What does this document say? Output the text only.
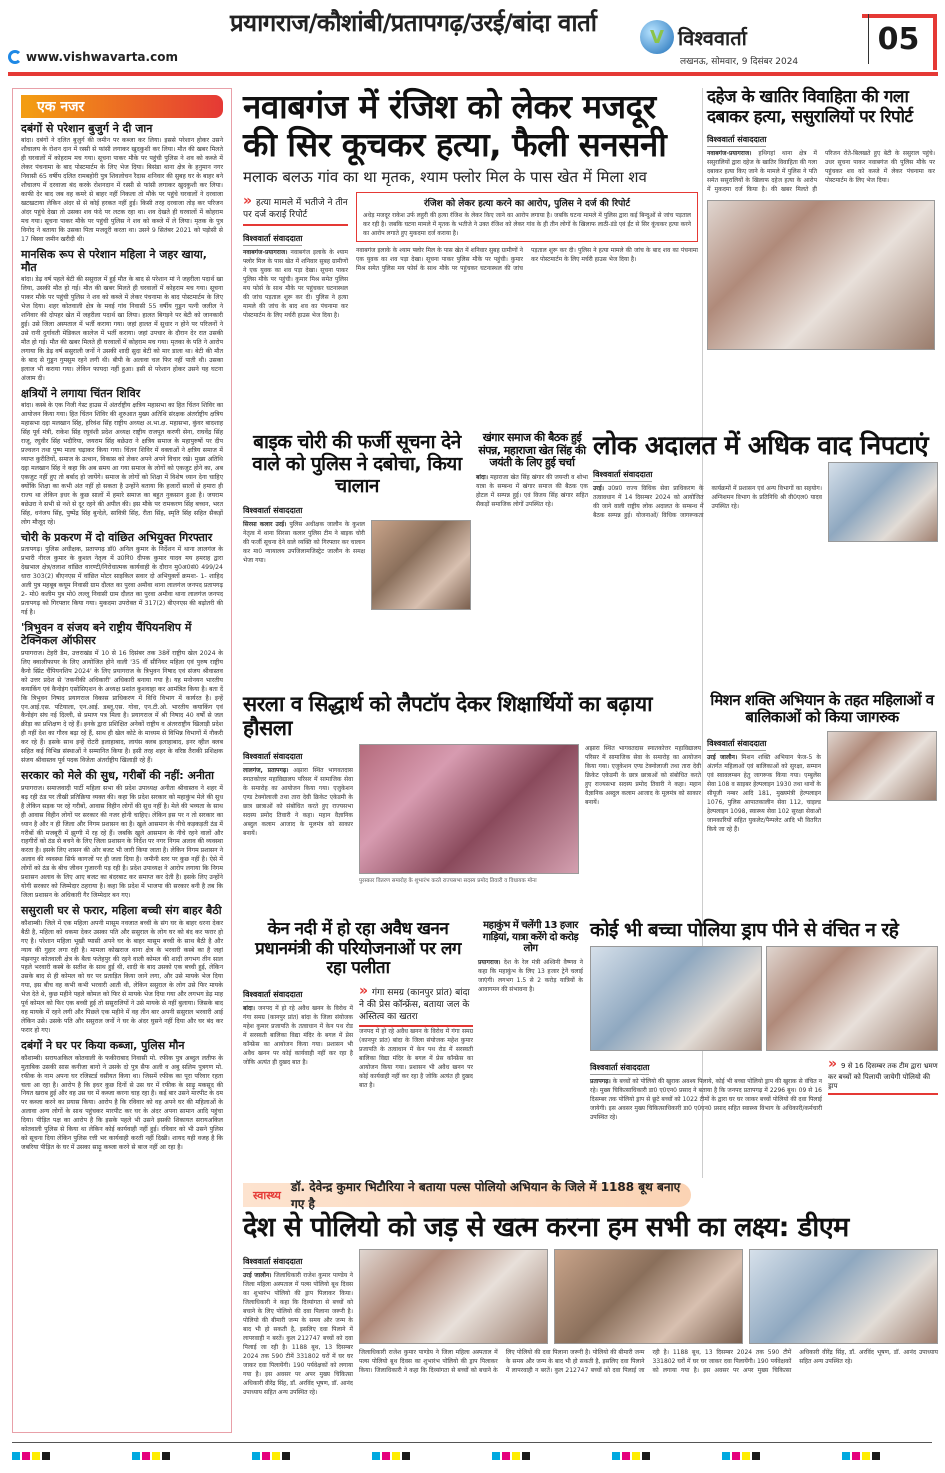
प्रयागराज/कौशांबी/प्रतापगढ़/उरई/बांदा वार्ता
www.vishwavarta.com
V विश्ववार्ता
लखनऊ, सोमवार, 9 दिसंबर 2024
05
एक नजर
दबंगों से परेशान बुजुर्ग ने दी जान

बांदा। दबंगों ने दलित बुजुर्ग की जमीन पर कब्जा कर लिया। इससे परेशान होकर उसने शौचालय के रोशन दान में रस्सी से फांसी लगाकर खुदकुशी कर लिया। मौत की खबर मिलते ही घरवालों में कोहराम मच गया। सूचना पाकर मौके पर पहुंची पुलिस ने शव को कब्जे में लेकर पंचनामा के बाद पोस्टमार्टम के लिए भेज दिया। बिसंडा थाना क्षेत्र के हनुमान नगर निवासी 65 वर्षीय दलित रामबहोरी पुत्र शिवलोचन रैदास शनिवार की सुबह घर के बाहर बने शौचालय में दरवाजा बंद करके रोशनदान में रस्सी से फांसी लगाकर खुदकुशी कर लिया। काफी देर बाद जब वह कमरे से बाहर नहीं निकला तो मौके पर पहुंचे घरवालों ने दरवाजा खटखटाया लेकिन अंदर से से कोई हरकत नहीं हुई। किसी तरह दरवाजा तोड़ कर परिजन अंदर पहुंचे देखा तो उसका शव फंदे पर लटक रहा था। शव देखते ही घरवालों में कोहराम मच गया। सूचना पाकर मौके पर पहुंची पुलिस ने शव को कब्जे में ले लिया। मृतक के पुत्र विनोद ने बताया कि उसका पिता मजदूरी करता था। उसने 9 सितंबर 2021 को पड़ोसी से 17 बिस्वा जमीन खरीदी थी।

मानसिक रूप से परेशान महिला ने जहर खाया, मौत

बांदा। डेढ़ वर्ष पहले बेटी की ससुराल में हुई मौत के बाद से परेशान मां ने जहरीला पदार्थ खा लिया, उसकी मौत हो गई। मौत की खबर मिलते ही घरवालों में कोहराम मच गया। सूचना पाकर मौके पर पहुंची पुलिस ने शव को कब्जे में लेकर पंचनामा के बाद पोस्टमार्टम के लिए भेज दिया। शहर कोतवाली क्षेत्र के मवई गांव निवासी 55 वर्षीय गुड्डन पत्नी जलील ने शनिवार की दोपहर खेत में जहरीला पदार्थ खा लिया। हालत बिगड़ने पर बेटी को जानकारी हुई। उसे जिला अस्पताल में भर्ती कराया गया। जहां हालत में सुधार न होने पर परिजनों ने उसे रानी दुर्गावती मेडिकल कालेज में भर्ती कराया। जहां उपचार के दौरान देर रात उसकी मौत हो गई। मौत की खबर मिलते ही घरवालों में कोहराम मच गया। मृतका के पति ने आरोप लगाया कि डेढ़ वर्ष ससुराली जनों ने उसकी शादी सुदा बेटी को मार डाला था। बेटी की मौत के बाद से गुड्डन गुमसुम रहने लगी थी। बीपी के अलावा चल फिर नहीं पाती थी। उसका इलाज भी कराया गया। लेकिन फायदा नहीं हुआ। इसी से परेशान होकर उसने यह घटना अंजाम दी।

क्षत्रियों ने लगाया चिंतन शिविर

बांदा। कस्बे के एक निजी गेस्ट हाउस में अंतर्राष्ट्रीय क्षत्रिय महासभा का हित चिंतन शिविर का आयोजन किया गया। हित चिंतन शिविर की शुरुआत मुख्य अतिथि संरक्षक अंतर्राष्ट्रीय क्षत्रिय महासभा दद्दा मलखान सिंह, हरिवंश सिंह राष्ट्रीय अध्यक्ष अ.भा.क्ष. महासभा, कुंवर बादशाह सिंह पूर्व मंत्री, राकेश सिंह रघुवंशी प्रदेश अध्यक्ष राष्ट्रीय राजपूत करणी सेना, राघवेंद्र सिंह राजू, रघुवीर सिंह भदौरिया, जयराम सिंह बछेउरा ने क्षत्रिय समाज के महापुरुषों पर दीप प्रज्वलन तथा पुष्प माला चढ़ाकर किया गया। चिंतन शिविर में वक्ताओं ने क्षत्रिय समाज में व्याप्त कुरीतियों, समाज के उत्थान, विकास को लेकर अपने अपने विचार रखे। मुख्य अतिथि दद्दा मलखान सिंह ने कहा कि अब समय आ गया समाज के लोगों को एकजुट होने का, अब एकजुट नहीं हुए तो बर्बाद हो जायेंगे। समाज के लोगों को शिक्षा में विशेष ध्यान देना चाहिए क्योंकि शिक्षा का कभी अंत नहीं हो सकता है उन्होंने बताया कि हजारों सालों से हमारा ही राज्य था लेकिन इधर के कुछ सालों में हमारे समाज का बहुत नुकसान हुआ है। जयराम बछेउरा ने सभी से नशे से दूर रहने की अपील की। इस मौके पर रामकरण सिंह बच्चन, भरत सिंह, धनंजय सिंह, पुष्पेंद्र सिंह बुन्देले, सावित्री सिंह, रीता सिंह, स्मृति सिंह सहित सैकड़ों लोग मौजूद रहे।

चोरी के प्रकरण में दो वांछित अभियुक्त गिरफ्तार

प्रतापगढ़। पुलिस अधीक्षक, प्रतापगढ़ डॉ0 अनिल कुमार के निर्देशन में थाना लालगंज के प्रभारी नीरज कुमार के कुशल नेतृत्व में उ0नि0 दीपक कुमार यादव मय हमराह द्वारा देखभाल क्षेत्र/तलाश वांछित वारण्टी/निरोधात्मक कार्यवाही के दौरान मु0अ0सं0 499/24 धारा 303(2) बीएनएस में वांछित मोटर साइकिल सवार दो अभियुक्तों क्रमशः- 1- शाहिद अली पुत्र महबूब कयूम निवासी ग्राम दौलत का पुरवा अमौवा थाना लालगंज जनपद प्रतापगढ़ 2- मो0 कलीम पुत्र मो0 लल्लू निवासी ग्राम दौलत का पुरवा अमौवा थाना लालगंज जनपद प्रतापगढ़ को गिरफ्तार किया गया। मुकदमा उपरोक्त में 317(2) बीएनएस की बढ़ोतरी की गई है।

'त्रिभुवन व संजय बने राष्ट्रीय चैंपियनशिप में टेक्निकल ऑफीसर

प्रयागराज। टेहरी डैम, उत्तराखंड में 10 से 16 दिसंबर तक 38वें राष्ट्रीय खेल 2024 के लिए क्वालीफायर के लिए आयोजित होने वाली '35 वीं सीनियर महिला एवं पुरुष राष्ट्रीय कैनो स्प्रिंट चैंपियनशिप 2024' के लिए प्रयागराज के त्रिभुवन निषाद एवं संजय श्रीवास्तव को उत्तर प्रदेश से 'तकनीकी अधिकारी' अधिकारी बनाया गया है। यह मनोनयन भारतीय कयाकिंग एवं कैनोइंग एसोसिएशन के अध्यक्ष प्रशांत कुशवाहा कर आमंत्रित किया है। बता दें कि त्रिभुवन निषाद प्रयागराज विकास प्राधिकरण में विधि विभाग में कार्यरत है। इन्हें एन.आई.एस. पटियाला, एन.आई. डब्लू.एस. गोवा, एन.टी.ओ. भारतीय कयाकिंग एवं कैनोइंग संघ नई दिल्ली, से प्रमाण पत्र मिला है। प्रयागराज में श्री निषाद 40 वर्षों से जल क्रीड़ा का प्रशिक्षण दे रहे हैं। इनके द्वारा प्रशिक्षित अनेकों राष्ट्रीय व अंतरराष्ट्रीय खिलाड़ी प्रदेश ही नहीं देश का गौरव बढ़ा रहे हैं, साथ ही खेल कोटे के माध्यम से विभिन्न विभागों में नौकरी कर रहे हैं। इसके साथ इन्हें रोटरी इलाहाबाद, लायंस क्लब इलाहाबाद, इनर व्हील क्लब सहित कई विभिन्न संस्थाओं ने सम्मानित किया है। इसी तरह शहर के वरिष्ठ तैराकी प्रशिक्षक संजय श्रीवास्तव पूर्व पदक विजेता अंतर्राष्ट्रीय खिलाड़ी रहे हैं।

सरकार को मेले की सुध, गरीबों की नहीं: अनीता

प्रयागराज। समाजवादी पार्टी महिला सभा की प्रदेश उपाध्यक्ष अनीता श्रीवास्तव ने शहर में बढ़ रही ठंड पर तीखी प्रतिक्रिया व्यक्त की। कहा कि प्रदेश सरकार को महाकुंभ मेले की सुध है लेकिन सड़क पर रहे गरीबों, आवास विहीन लोगों की सुध नहीं है। मेले की भव्यता के साथ ही आवास विहीन लोगों पर सरकार की नजर होनी चाहिए। लेकिन इस पर न तो सरकार का ध्यान है और न ही जिला और निगम प्रशासन का है। खुले आसमान के नीचे कड़कड़ती ठंड में गरीबों की मजबूरी में झुग्गी में रह रहे हैं। जबकि खुले आसमान के नीचे रहने वालों और राहगीरों को ठंड से बचने के लिए जिला प्रशासन के निर्देश पर नगर निगम अलाव की व्यवस्था करता है। इसके लिए शासन की ओर बजट भी जारी किया जाता है। लेकिन निगम प्रशासन ने अलाव की व्यवस्था सिर्फ कागजों पर ही जला दिया है। जमीनी स्तर पर कुछ नहीं है। ऐसे में लोगों को ठंड के बीच जीवन गुजारनी पड़ रही है। प्रदेश उपाध्यक्ष ने आरोप लगाया कि निगम प्रशासन अलाव के लिए आए बजट का बंदरबाट कर समाप्त कर देती है। इसके लिए उन्होंने योगी सरकार को जिम्मेदार ठहराया है। कहा कि प्रदेश में भाजपा की सरकार बनी है तब कि जिला प्रशासन के अधिकारी गैर जिम्मेदार बन गए।

ससुराली घर से फरार, महिला बच्ची संग बाहर बैठी

कौशाम्बी। जिले में एक महिला अपनी मासूम नवजात बच्ची के संग घर के बाहर धरना देकर बैठी है, महिला को धकमा देकर उसका पति और ससुराल के लोग घर को बंद कर फरार हो गए है। परेशान महिला भूखी प्यासी अपने घर के बाहर मासूम बच्ची के साथ बैठी है और न्याय की गुहार लगा रही है। मामला कोखराज थाना क्षेत्र के भरवारी कस्बे का है जहां मंझनपुर कोतवाली क्षेत्र के बैला फतेहपुर की रहने वाली कोमल की शादी लगभग तीन साल पहले भरवारी कस्बे के सतीश के साथ हुई थी, शादी के बाद उसको एक बच्ची हुई, लेकिन उसके बाद से ही कोमल को घर पर प्रताड़ित किया जाने लगा, और उसे मायके भेज दिया गया, इस बीच वह कभी कभी भरवारी आती थी, लेकिन ससुराल के लोग उसे फिर मायके भेज देते थे, कुछ महीने पहले कोमल को फिर से मायके भेज दिया गया और लगभग डेढ़ माह पूर्व कोमल को फिर एक बच्ची हुई तो ससुरालियों ने उसे मायके से नहीं बुलाया। जिसके बाद वह मायके में रहने लगी और पिछले एक महीने में वह तीन बार अपनी ससुराल भरवारी आई लेकिन उसे। उसके पति और ससुराल जनों ने घर के अंदर घुसने नहीं दिया और घर बंद कर फरार हो गए।

दबंगों ने घर पर किया कब्जा, पुलिस मौन

कौशाम्बी। सरायअकिल कोतवाली के फकीराबाद निवासी मो. रफीक पुत्र अब्दुल लतीफ के मुताबिक उसकी सास कनीजा बानो ने उसके दो पुत्र सैफ अली व अबु सलिम पुत्रगण मो. रफीक के नाम अपना घर रजिस्टर्ड वसीयत किया था। जिसमें रफीक का पूरा परिवार रहता चला आ रहा है। आरोप है कि इधर कुछ दिनों से उस घर में रफीक के साढ़ू मकसूद की नियत खराब हुई और वह उस घर में कब्जा करना चाह रहा है। कई बार उसने मारपीट के दम पर कब्जा करने का प्रयास किया। आरोप है कि रविवार को वह अपने घर की महिलाओं के अलावा अन्य लोगों के साथ पहुंचकर मारपीट कर घर के अंदर अपना सामान आदि पहुंचा दिया। पीड़ित पक्ष का आरोप है कि इसके पहले भी उसने इसकी शिकायत सरायअकिल कोतवाली पुलिस से किया था लेकिन कोई कार्यवाही नहीं हुई। रविवार को भी उसने पुलिस को सूचना दिया लेकिन पुलिस रत्ती भर कार्यवाही करती नहीं दिखी। शायद यही वजह है कि जबरिया पीड़ित के घर में उसका साढ़ू कब्जा करने से बाज नहीं आ रहा है।

नवाबगंज में रंजिश को लेकर मजदूर की सिर कूचकर हत्या, फैली सनसनी
मलाक बलऊ गांव का था मृतक, श्याम फ्लोर मिल के पास खेत में मिला शव
» हत्या मामले में भतीजे ने तीन पर दर्ज कराई रिपोर्ट
विश्ववार्ता संवाददाता
नवाबगंज-प्रयागराज। नवाबगंज इलाके के श्याम फ्लोर मिल के पास खेत में शनिवार सुबह ग्रामीणों ने एक युवक का शव पड़ा देखा। सूचना पाकर पुलिस मौके पर पहुंची। कुमार मिश्र समेत पुलिस मय फोर्स के साथ मौके पर पहुंचकर घटनास्थल की जांच पड़ताल शुरू कर दी। पुलिस ने हत्या मामले की जांच के बाद शव का पंचनामा कर पोस्टमार्टम के लिए मर्चरी हाउस भेज दिया है।
रंजिश को लेकर हत्या करने का आरोप, पुलिस ने दर्ज की रिपोर्ट
अधेड़ मजदूर राकेश उर्फ लहुरी की हत्या रंजिश के लेकर किए जाने का आरोप लगाया है। जबकि घटना मामले में पुलिस द्वारा कई बिन्दुओं से जांच पड़ताल कर रही है। जबकि घटना मामले में मृतक के भतीजे ने उक्त रंजिश को लेकर गांव के ही तीन लोगों के खिलाफ लाठी-डंडे एवं ईंट से सिर कूंचकर हत्या करने का आरोप लगाते हुए मुकदमा दर्ज कराया है।
नवाबगंज इलाके के श्याम फ्लोर मिल के पास खेत में शनिवार सुबह ग्रामीणों ने एक युवक का शव पड़ा देखा। सूचना पाकर पुलिस मौके पर पहुंची। कुमार मिश्र समेत पुलिस मय फोर्स के साथ मौके पर पहुंचकर घटनास्थल की जांच पड़ताल शुरू कर दी। पुलिस ने हत्या मामले की जांच के बाद शव का पंचनामा कर पोस्टमार्टम के लिए मर्चरी हाउस भेज दिया है।
दहेज के खातिर विवाहिता की गला दबाकर हत्या, ससुरालियों पर रिपोर्ट
विश्ववार्ता संवाददाता
नवाबगंज-प्रयागराज। हथिगहां थाना क्षेत्र में ससुरालियों द्वारा दहेज के खातिर विवाहिता की गला दबाकर हत्या किए जाने के मामले में पुलिस ने पति समेत ससुरालियों के खिलाफ दहेज हत्या के आरोप में मुकदमा दर्ज किया है। की खबर मिलते ही परिजन रोते-बिलखते हुए बेटी के ससुराल पहुंचे। उधर सूचना पाकर नवाबगंज की पुलिस मौके पर पहुंचकर शव को कब्जे में लेकर पंचनामा कर पोस्टमार्टम के लिए भेज दिया।
बाइक चोरी की फर्जी सूचना देने वाले को पुलिस ने दबोचा, किया चालान
विश्ववार्ता संवाददाता
सिरसा कलार उरई। पुलिस अधीक्षक जालौन के कुशल नेतृत्व में थाना सिरसा कलार पुलिस टीम ने बाइक चोरी की फर्जी सूचना देने वाले व्यक्ति को गिरफ्तार कर चालान कर मा0 न्यायालय उपजिलामजिस्ट्रेट जालौन के समक्ष भेजा गया।
खंगार समाज की बैठक हुई संपन्न, महाराजा खेत सिंह की जयंती के लिए हुई चर्चा
बांदा। महाराजा खेत सिंह खंगार की जयन्ती व शोभा यात्रा के सम्बन्ध में खंगार समाज की बैठक एक होटल में सम्पन्न हुई। एवं विजय सिंह खंगार सहित सैकड़ों समाजिक लोगों उपस्थित रहे।
लोक अदालत में अधिक वाद निपटाएं
विश्ववार्ता संवाददाता
उरई। उ0प्र0 राज्य विधिक सेवा प्राधिकरण के तत्वावधान में 14 दिसम्बर 2024 को आयोजित की जाने वाली राष्ट्रीय लोक अदालत के सम्बन्ध में बैठक सम्पन्न हुई। योजनाओं/ विधिक जागरूकता कार्यक्रमों में प्रशासन एवं अन्य विभागों का सहयोग। अग्निशमन विभाग के प्रतिनिधि श्री वी0एल0 यादव उपस्थित रहे।
सरला व सिद्धार्थ को लैपटॉप देकर शिक्षार्थियों का बढ़ाया हौसला
विश्ववार्ता संवाददाता
लालगंज, प्रतापगढ़। अझारा स्थित भागवतदास स्नातकोत्तर महाविद्यालय परिसर में सामाजिक सेवा के समारोह का आयोजन किया गया। एजुकेशन एण्ड टेक्नोलाजी तथा तारा देवी क्रिकेट एकेडमी के छात्र छात्राओं को संबोधित करते हुए राज्यसभा सदस्य प्रमोद तिवारी ने कहा। महान वैज्ञानिक अब्दुल कलाम आजाद के मूलमंत्र को साकार बनायें।
पुरस्कार वितरण समारोह के शुभारंभ करते राज्यसभा सदस्य प्रमोद तिवारी व विधायक मोना
अझारा स्थित भागवतदास स्नातकोत्तर महाविद्यालय परिसर में सामाजिक सेवा के समारोह का आयोजन किया गया। एजुकेशन एण्ड टेक्नोलाजी तथा तारा देवी क्रिकेट एकेडमी के छात्र छात्राओं को संबोधित करते हुए राज्यसभा सदस्य प्रमोद तिवारी ने कहा। महान वैज्ञानिक अब्दुल कलाम आजाद के मूलमंत्र को साकार बनायें।
मिशन शक्ति अभियान के तहत महिलाओं व बालिकाओं को किया जागरुक
विश्ववार्ता संवाददाता
उरई जालौन। मिशन शक्ति अभियान फेज-5 के अंतर्गत महिलाओं एवं बालिकाओं को सुरक्षा, सम्मान एवं स्वावलम्बन हेतु जागरूक किया गया। एम्बुलेंस सेवा 108 व साइबर हेल्पलाइन 1930 तथा थानों के सीयूजी नम्बर आदि 181, मुख्यमंत्री हेल्पलाइन 1076, पुलिस आपातकालीन सेवा 112, चाइल्ड हेल्पलाइन 1098, स्वास्थ्य सेवा 102 सुरक्षा सेवाओं जानकारियों सहित युकलेट/पैम्पलेट आदि भी वितरित किये जा रहे हैं।
केन नदी में हो रहा अवैध खनन प्रधानमंत्री की परियोजनाओं पर लग रहा पलीता
विश्ववार्ता संवाददाता
बांदा। जनपद में हो रहे अवैध खनन के विरोध में गंगा समग्र (कानपुर प्रांत) बांदा के जिला संयोजक महेश कुमार प्रजापति के तत्वाधान में केन पथ रोड में सरस्वती बालिका विद्या मंदिर के बगल में प्रेस कॉन्फ्रेंस का आयोजन किया गया। प्रशासन भी अवैध खनन पर कोई कार्यवाही नहीं कर रहा है जोकि अत्यंत ही दुखद बात है।
» गंगा समग्र (कानपुर प्रांत) बांदा ने की प्रेस कॉन्फ्रेंस, बताया जल के अस्तित्व का खतरा
जनपद में हो रहे अवैध खनन के विरोध में गंगा समग्र (कानपुर प्रांत) बांदा के जिला संयोजक महेश कुमार प्रजापति के तत्वाधान में केन पथ रोड में सरस्वती बालिका विद्या मंदिर के बगल में प्रेस कॉन्फ्रेंस का आयोजन किया गया। प्रशासन भी अवैध खनन पर कोई कार्यवाही नहीं कर रहा है जोकि अत्यंत ही दुखद बात है।
महाकुंभ में चलेंगी 13 हजार गाड़ियां, यात्रा करेंगे दो करोड़ लोग
प्रयागराज। देश के रेल मंत्री अश्विनी वैष्णव ने कहा कि महाकुंभ के लिए 13 हजार ट्रेनें चलाई जाएंगी। लगभग 1.5 से 2 करोड़ यात्रियों के आवागमन की संभावना है।
कोई भी बच्चा पोलिया ड्राप पीने से वंचित न रहे
विश्ववार्ता संवाददाता
प्रतापगढ़। के बच्चों को पोलियो की खुराक अवश्य पिलाये, कोई भी बच्चा पोलियो ड्राप की खुराक से वंचित न रहे। मुख्य चिकित्साधिकारी डा0 ए0एन0 प्रसाद ने बताया है कि जनपद प्रतापगढ़ में 2296 बूथ। 09 से 16 दिसम्बर तक पोलियो ड्राप से छूटे बच्चों को 1022 टीमों के द्वारा घर घर जाकर बच्चों पोलियो की दवा पिलाई जायेगी। इस अवसर मुख्य चिकित्साधिकारी डा0 ए0एन0 प्रसाद सहित स्वास्थ्य विभाग के अधिकारी/कर्मचारी उपस्थित रहे।
» 9 से 16 दिसम्बर तक टीम द्वारा भ्रमण कर बच्चों को पिलायी जायेगी पोलियो की ड्राप
स्वास्थ्य
डॉ. देवेन्द्र कुमार भिटौरिया ने बताया पल्स पोलियो अभियान के जिले में 1188 बूथ बनाए गए है
देश से पोलियो को जड़ से खत्म करना हम सभी का लक्ष्य: डीएम
विश्ववार्ता संवाददाता
उरई जालौन। जिलाधिकारी राजेश कुमार पाण्डेय ने जिला महिला अस्पताल में पल्स पोलियो बूथ दिवस का शुभारंभ पोलियो की ड्राप पिलाकर किया। जिलाधिकारी ने कहा कि दिव्यांगता से बच्चों को बचाने के लिए पोलियो की दवा पिलाना जरूरी है। पोलियो की बीमारी जन्म के समय और जन्म के बाद भी हो सकती है, इसलिए दवा पिलाने में लापरवाही न बरतें। कुल 212747 बच्चों को दवा पिलाई जा रही है। 1188 बूथ, 13 दिसम्बर 2024 तक 590 टीमें 331802 घरों में घर घर जाकर दवा पिलायेंगी। 190 पर्यवेक्षकों को लगाया गया है। इस अवसर पर अपर मुख्य चिकित्सा अधिकारी वीरेंद्र सिंह, डॉ. अरविंद भूषण, डॉ. आनंद उपाध्याय सहित अन्य उपस्थित रहे।
जिलाधिकारी राजेश कुमार पाण्डेय ने जिला महिला अस्पताल में पल्स पोलियो बूथ दिवस का शुभारंभ पोलियो की ड्राप पिलाकर किया। जिलाधिकारी ने कहा कि दिव्यांगता से बच्चों को बचाने के लिए पोलियो की दवा पिलाना जरूरी है। पोलियो की बीमारी जन्म के समय और जन्म के बाद भी हो सकती है, इसलिए दवा पिलाने में लापरवाही न बरतें। कुल 212747 बच्चों को दवा पिलाई जा रही है। 1188 बूथ, 13 दिसम्बर 2024 तक 590 टीमें 331802 घरों में घर घर जाकर दवा पिलायेंगी। 190 पर्यवेक्षकों को लगाया गया है। इस अवसर पर अपर मुख्य चिकित्सा अधिकारी वीरेंद्र सिंह, डॉ. अरविंद भूषण, डॉ. आनंद उपाध्याय सहित अन्य उपस्थित रहे।
